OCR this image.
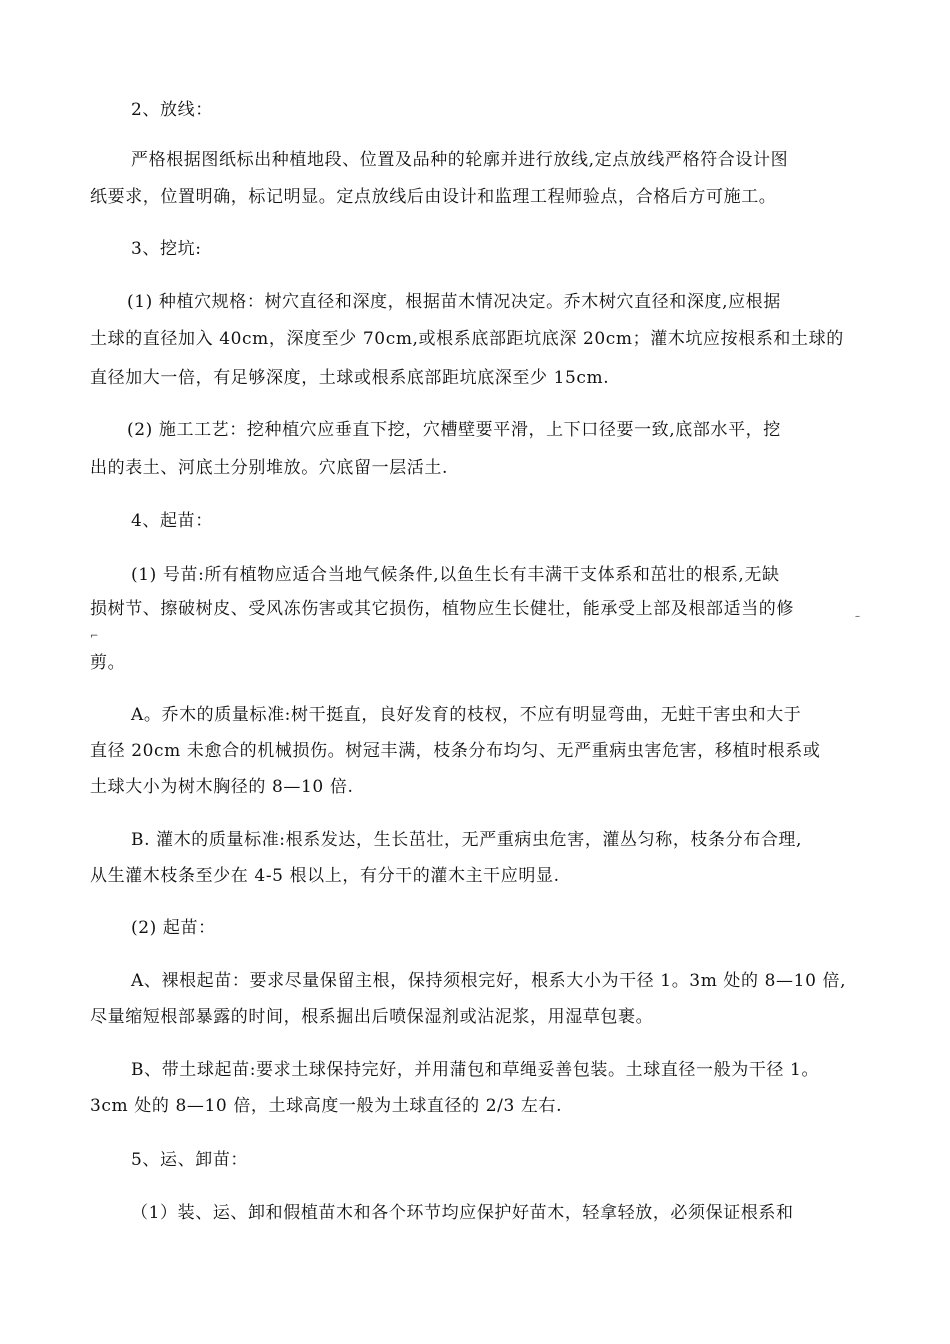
2、放线：
严格根据图纸标出种植地段、位置及品种的轮廓并进行放线,定点放线严格符合设计图
纸要求，位置明确，标记明显。定点放线后由设计和监理工程师验点，合格后方可施工。
3、挖坑:
(1) 种植穴规格：树穴直径和深度，根据苗木情况决定。乔木树穴直径和深度,应根据
土球的直径加入 40cm，深度至少 70cm,或根系底部距坑底深 20cm；灌木坑应按根系和土球的
直径加大一倍，有足够深度，土球或根系底部距坑底深至少 15cm.
(2) 施工工艺：挖种植穴应垂直下挖，穴槽壁要平滑，上下口径要一致,底部水平，挖
出的表土、河底土分别堆放。穴底留一层活土.
4、起苗：
(1) 号苗:所有植物应适合当地气候条件,以鱼生长有丰满干支体系和茁壮的根系,无缺
损树节、擦破树皮、受风冻伤害或其它损伤，植物应生长健壮，能承受上部及根部适当的修	–
⌐
剪。
A。乔木的质量标准:树干挺直，良好发育的枝杈，不应有明显弯曲，无蛀干害虫和大于
直径 20cm 未愈合的机械损伤。树冠丰满，枝条分布均匀、无严重病虫害危害，移植时根系或
土球大小为树木胸径的 8—10 倍.
B. 灌木的质量标准:根系发达，生长茁壮，无严重病虫危害，灌丛匀称，枝条分布合理,
从生灌木枝条至少在 4-5 根以上，有分干的灌木主干应明显.
(2) 起苗：
A、裸根起苗：要求尽量保留主根，保持须根完好，根系大小为干径 1。3m 处的 8—10 倍,
尽量缩短根部暴露的时间，根系掘出后喷保湿剂或沾泥浆，用湿草包裹。
B、带土球起苗:要求土球保持完好，并用蒲包和草绳妥善包装。土球直径一般为干径 1。
3cm 处的 8—10 倍，土球高度一般为土球直径的 2/3 左右.
5、运、卸苗：
（1）装、运、卸和假植苗木和各个环节均应保护好苗木，轻拿轻放，必须保证根系和
